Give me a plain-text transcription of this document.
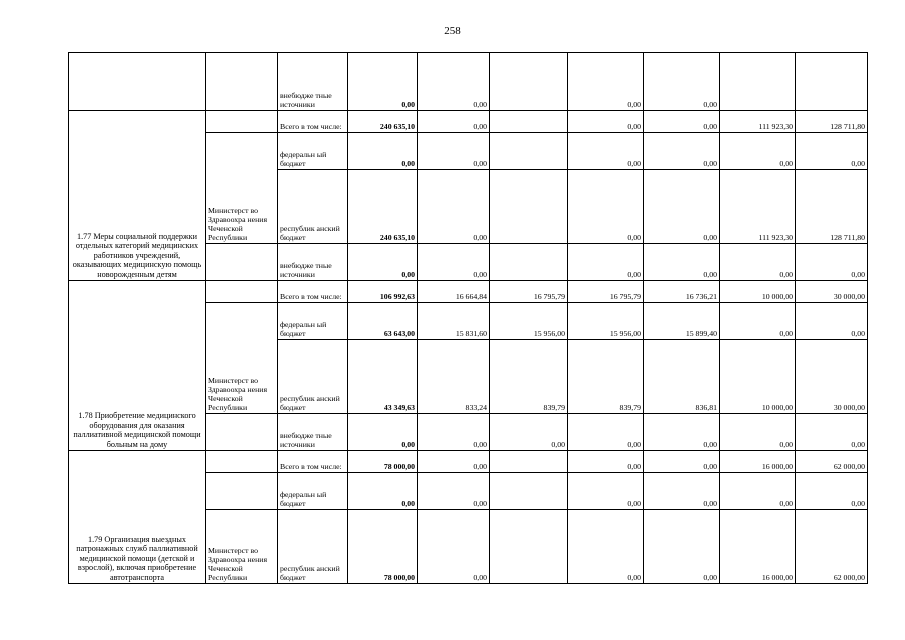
258
		внебюдже тные источники	0,00	0,00		0,00	0,00		
1.77 Меры социальной поддержки отдельных категорий медицинских работников учреждений, оказывающих медицинскую помощь новорожденным детям		Всего в том числе:	240 635,10	0,00		0,00	0,00	111 923,30	128 711,80
	Министерст во Здравоохра нения Чеченской Республики	федеральн ый бюджет	0,00	0,00		0,00	0,00	0,00	0,00
		республик анский бюджет	240 635,10	0,00		0,00	0,00	111 923,30	128 711,80
		внебюдже тные источники	0,00	0,00		0,00	0,00	0,00	0,00
1.78 Приобретение медицинского оборудования для оказания паллиативной медицинской помощи больным на дому		Всего в том числе:	106 992,63	16 664,84	16 795,79	16 795,79	16 736,21	10 000,00	30 000,00
	Министерст во Здравоохра нения Чеченской Республики	федеральн ый бюджет	63 643,00	15 831,60	15 956,00	15 956,00	15 899,40	0,00	0,00
		республик анский бюджет	43 349,63	833,24	839,79	839,79	836,81	10 000,00	30 000,00
		внебюдже тные источники	0,00	0,00	0,00	0,00	0,00	0,00	0,00
1.79 Организация выездных патронажных служб паллиативной медицинской помощи (детской и взрослой), включая приобретение автотранспорта		Всего в том числе:	78 000,00	0,00		0,00	0,00	16 000,00	62 000,00
		федеральн ый бюджет	0,00	0,00		0,00	0,00	0,00	0,00
	Министерст во Здравоохра нения Чеченской Республики	республик анский бюджет	78 000,00	0,00		0,00	0,00	16 000,00	62 000,00
